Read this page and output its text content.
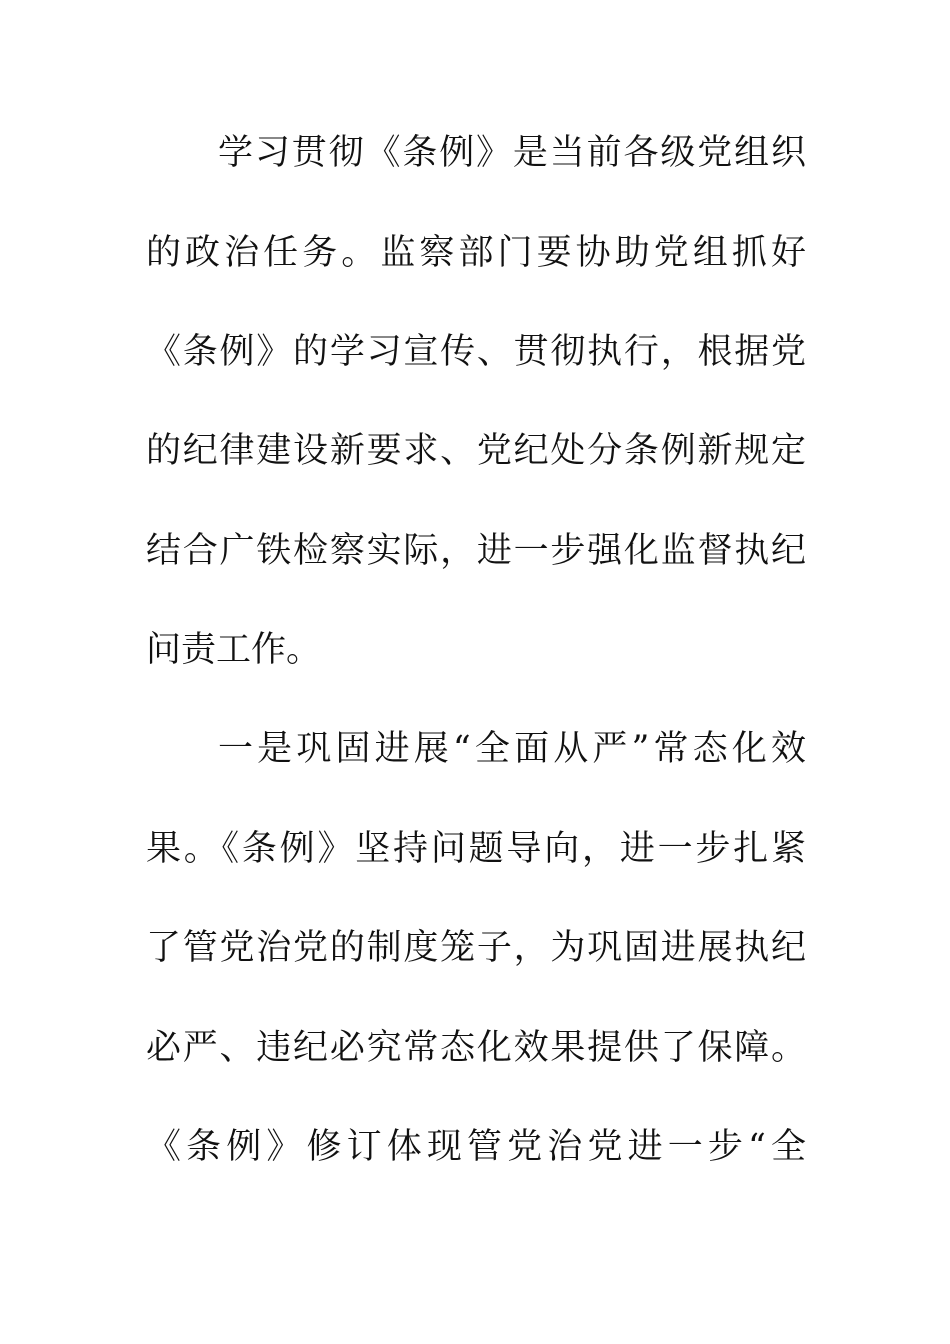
学习贯彻《条例》是当前各级党组织
的政治任务。监察部门要协助党组抓好
《条例》的学习宣传、贯彻执行，根据党
的纪律建设新要求、党纪处分条例新规定
结合广铁检察实际，进一步强化监督执纪
问责工作。
一是巩固进展“全面从严”常态化效
果。《条例》坚持问题导向，进一步扎紧
了管党治党的制度笼子，为巩固进展执纪
必严、违纪必究常态化效果提供了保障。
《条例》修订体现管党治党进一步“全
